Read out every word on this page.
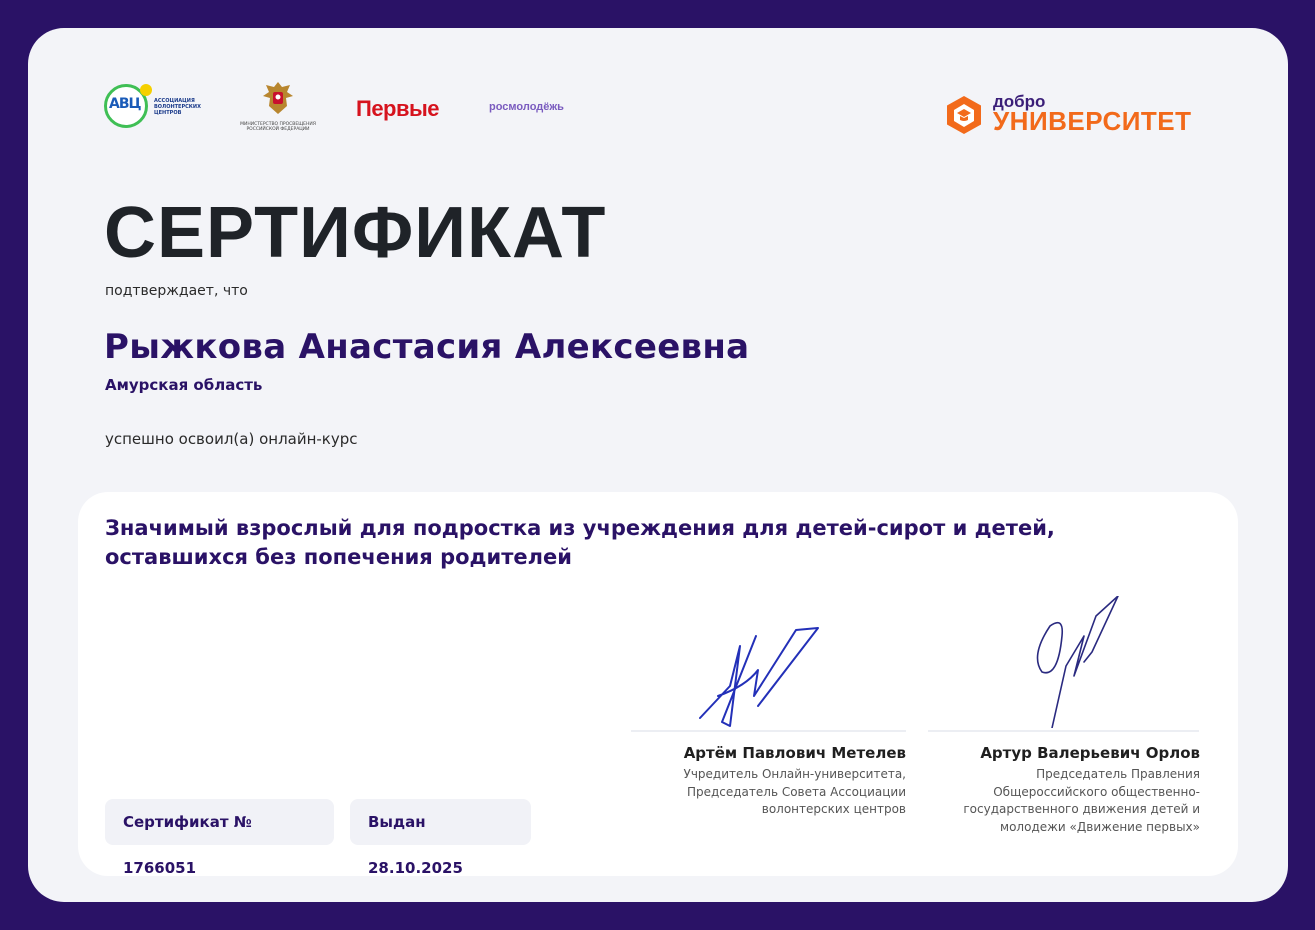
АВЦ	АССОЦИАЦИЯ ВОЛОНТЕРСКИХ ЦЕНТРОВ
МИНИСТЕРСТВО ПРОСВЕЩЕНИЯ РОССИЙСКОЙ ФЕДЕРАЦИИ
Первые	росмолодёжь	добро
УНИВЕРСИТЕТ
СЕРТИФИКАТ
подтверждает, что
Рыжкова Анастасия Алексеевна
Амурская область
успешно освоил(а) онлайн-курс
Значимый взрослый для подростка из учреждения для детей-сирот и детей, оставшихся без попечения родителей
Артём Павлович Метелев
Учредитель Онлайн-университета, Председатель Совета Ассоциации волонтерских центров
Артур Валерьевич Орлов
Председатель Правления Общероссийского общественно-государственного движения детей и молодежи «Движение первых»
Сертификат № 1766051
Выдан 28.10.2025
